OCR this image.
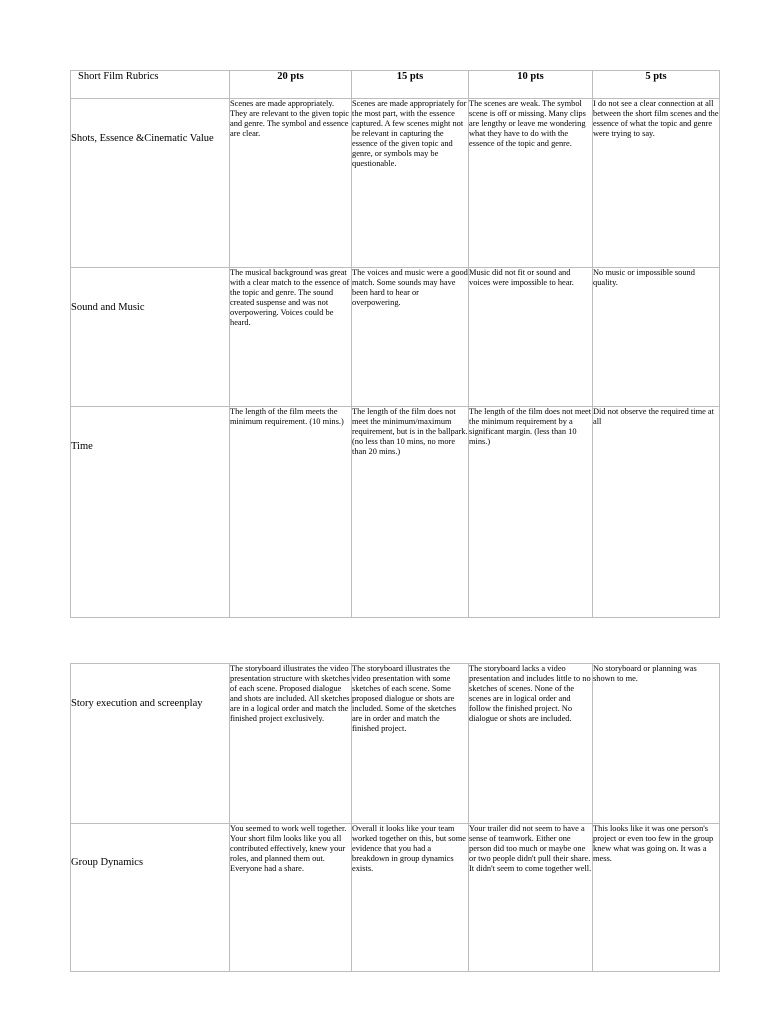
Short Film Rubrics	20 pts	15 pts	10 pts	5 pts
Shots, Essence &Cinematic Value	Scenes are made appropriately. They are relevant to the given topic and genre. The symbol and essence are clear.	Scenes are made appropriately for the most part, with the essence captured. A few scenes might not be relevant in capturing the essence of the given topic and genre, or symbols may be questionable.	The scenes are weak. The symbol scene is off or missing. Many clips are lengthy or leave me wondering what they have to do with the essence of the topic and genre.	I do not see a clear connection at all between the short film scenes and the essence of what the topic and genre were trying to say.
Sound and Music	The musical background was great with a clear match to the essence of the topic and genre. The sound created suspense and was not overpowering. Voices could be heard.	The voices and music were a good match. Some sounds may have been hard to hear or overpowering.	Music did not fit or sound and voices were impossible to hear.	No music or impossible sound quality.
Time	The length of the film meets the minimum requirement. (10 mins.)	The length of the film does not meet the minimum/maximum requirement, but is in the ballpark. (no less than 10 mins, no more than 20 mins.)	The length of the film does not meet the minimum requirement by a significant margin. (less than 10 mins.)	Did not observe the required time at all
Story execution and screenplay	The storyboard illustrates the video presentation structure with sketches of each scene. Proposed dialogue and shots are included. All sketches are in a logical order and match the finished project exclusively.	The storyboard illustrates the video presentation with some sketches of each scene. Some proposed dialogue or shots are included. Some of the sketches are in order and match the finished project.	The storyboard lacks a video presentation and includes little to no sketches of scenes. None of the scenes are in logical order and follow the finished project. No dialogue or shots are included.	No storyboard or planning was shown to me.
Group Dynamics	You seemed to work well together. Your short film looks like you all contributed effectively, knew your roles, and planned them out. Everyone had a share.	Overall it looks like your team worked together on this, but some evidence that you had a breakdown in group dynamics exists.	Your trailer did not seem to have a sense of teamwork. Either one person did too much or maybe one or two people didn't pull their share. It didn't seem to come together well.	This looks like it was one person's project or even too few in the group knew what was going on. It was a mess.
